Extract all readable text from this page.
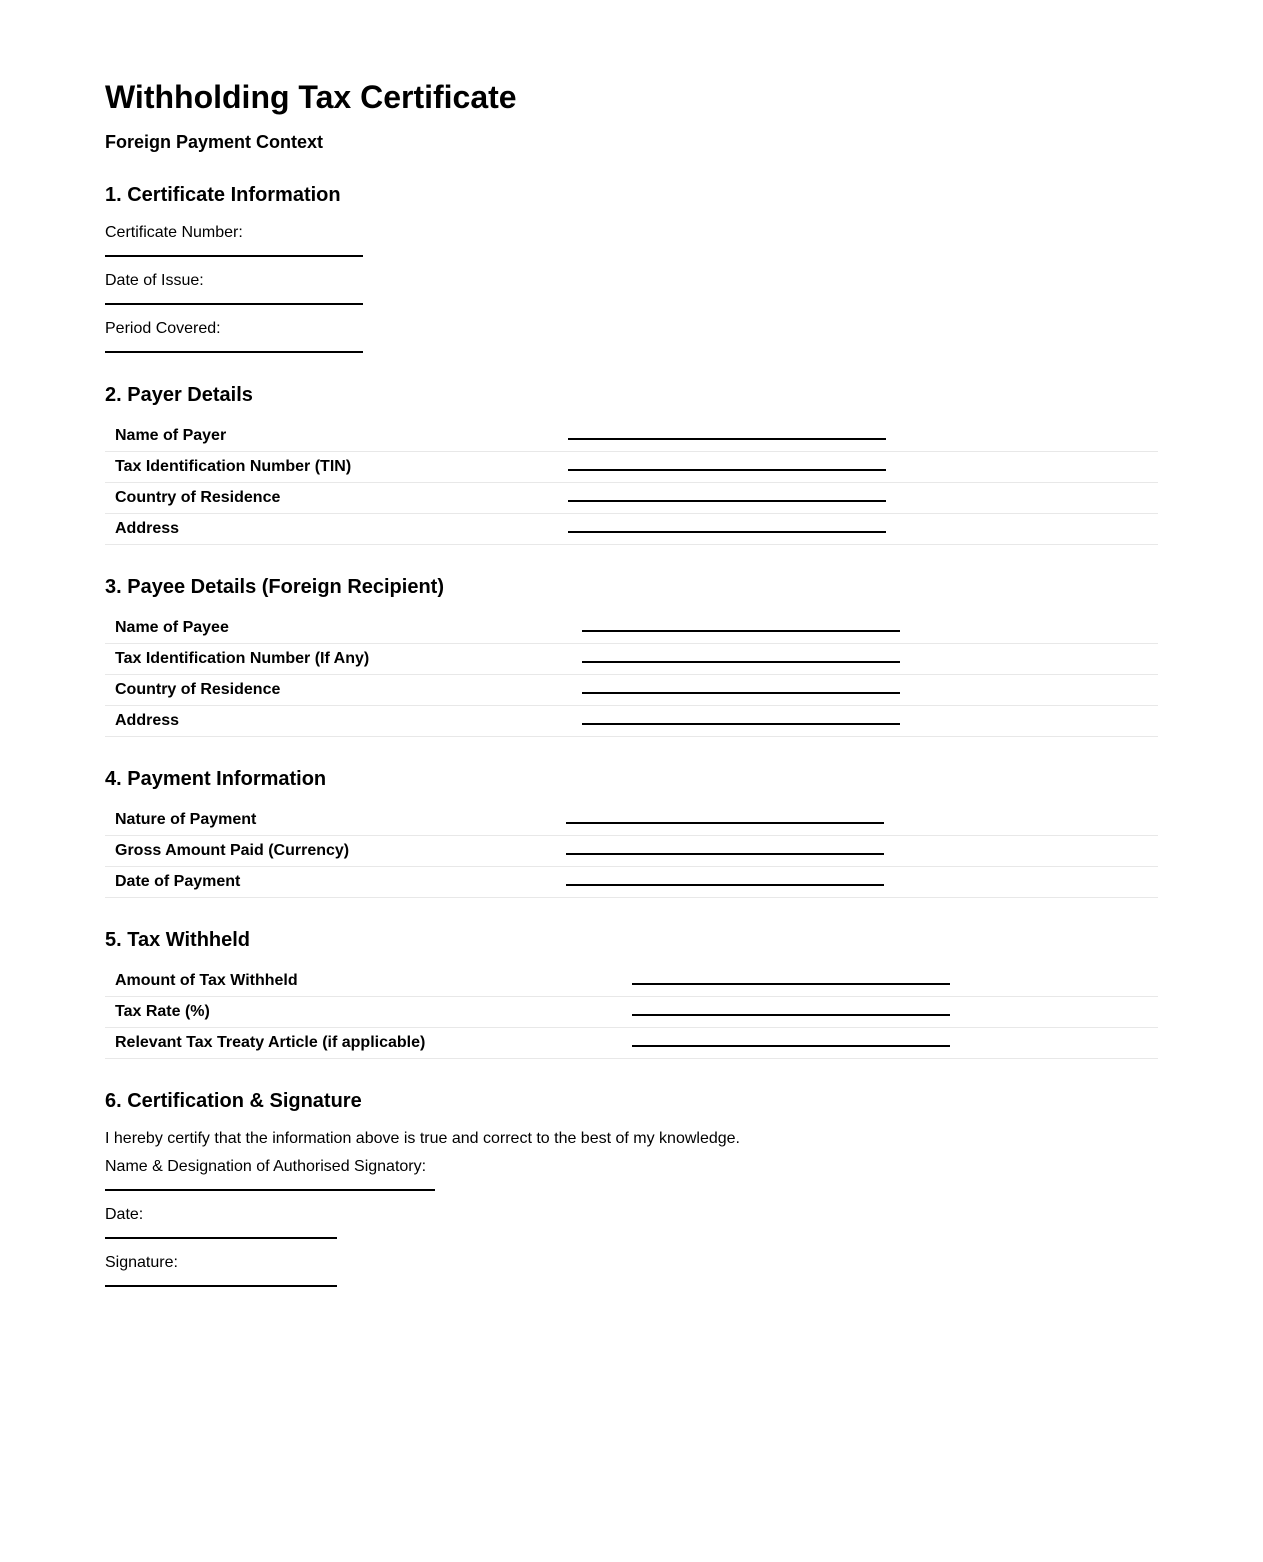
Withholding Tax Certificate

Foreign Payment Context

1. Certificate Information

Certificate Number:

Date of Issue:

Period Covered:

2. Payer Details
Name of Payer	
Tax Identification Number (TIN)	
Country of Residence	
Address	
3. Payee Details (Foreign Recipient)
Name of Payee	
Tax Identification Number (If Any)	
Country of Residence	
Address	
4. Payment Information
Nature of Payment	
Gross Amount Paid (Currency)	
Date of Payment	
5. Tax Withheld
Amount of Tax Withheld	
Tax Rate (%)	
Relevant Tax Treaty Article (if applicable)	
6. Certification & Signature

I hereby certify that the information above is true and correct to the best of my knowledge.

Name & Designation of Authorised Signatory:

Date:

Signature:
